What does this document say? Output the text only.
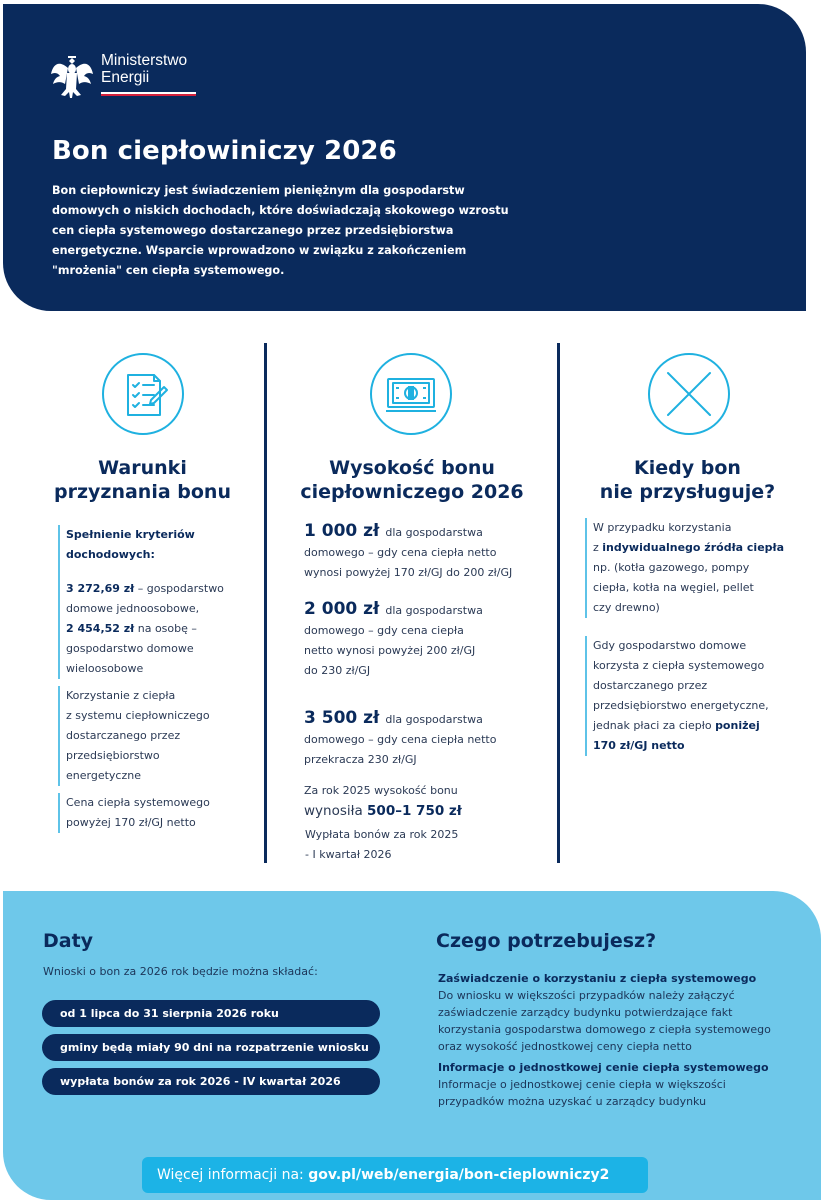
Ministerstwo
Energii
Bon ciepłowiniczy 2026
Bon ciepłowniczy jest świadczeniem pieniężnym dla gospodarstw domowych o niskich dochodach, które doświadczają skokowego wzrostu cen ciepła systemowego dostarczanego przez przedsiębiorstwa energetyczne. Wsparcie wprowadzono w związku z zakończeniem "mrożenia" cen ciepła systemowego.
Warunki
przyznania bonu
Spełnienie kryteriów
dochodowych:
3 272,69 zł – gospodarstwo
domowe jednoosobowe,
2 454,52 zł na osobę –
gospodarstwo domowe
wieloosobowe
Korzystanie z ciepła
z systemu ciepłowniczego
dostarczanego przez
przedsiębiorstwo
energetyczne
Cena ciepła systemowego
powyżej 170 zł/GJ netto
Wysokość bonu
ciepłowniczego 2026
1 000 zł dla gospodarstwa
domowego – gdy cena ciepła netto
wynosi powyżej 170 zł/GJ do 200 zł/GJ
2 000 zł dla gospodarstwa
domowego – gdy cena ciepła
netto wynosi powyżej 200 zł/GJ
do 230 zł/GJ
3 500 zł dla gospodarstwa
domowego – gdy cena ciepła netto
przekracza 230 zł/GJ
Za rok 2025 wysokość bonu
wynosiła 500–1 750 zł
Wypłata bonów za rok 2025
- I kwartał 2026
Kiedy bon
nie przysługuje?
W przypadku korzystania
z indywidualnego źródła ciepła
np. (kotła gazowego, pompy
ciepła, kotła na węgiel, pellet
czy drewno)
Gdy gospodarstwo domowe
korzysta z ciepła systemowego
dostarczanego przez
przedsiębiorstwo energetyczne,
jednak płaci za ciepło poniżej
170 zł/GJ netto
Daty
Wnioski o bon za 2026 rok będzie można składać:
od 1 lipca do 31 sierpnia 2026 roku
gminy będą miały 90 dni na rozpatrzenie wniosku
wypłata bonów za rok 2026 - IV kwartał 2026
Czego potrzebujesz?
Zaświadczenie o korzystaniu z ciepła systemowego
Do wniosku w większości przypadków należy załączyć
zaświadczenie zarządcy budynku potwierdzające fakt
korzystania gospodarstwa domowego z ciepła systemowego
oraz wysokość jednostkowej ceny ciepła netto
Informacje o jednostkowej cenie ciepła systemowego
Informacje o jednostkowej cenie ciepła w większości
przypadków można uzyskać u zarządcy budynku
Więcej informacji na: gov.pl/web/energia/bon-cieplowniczy2
